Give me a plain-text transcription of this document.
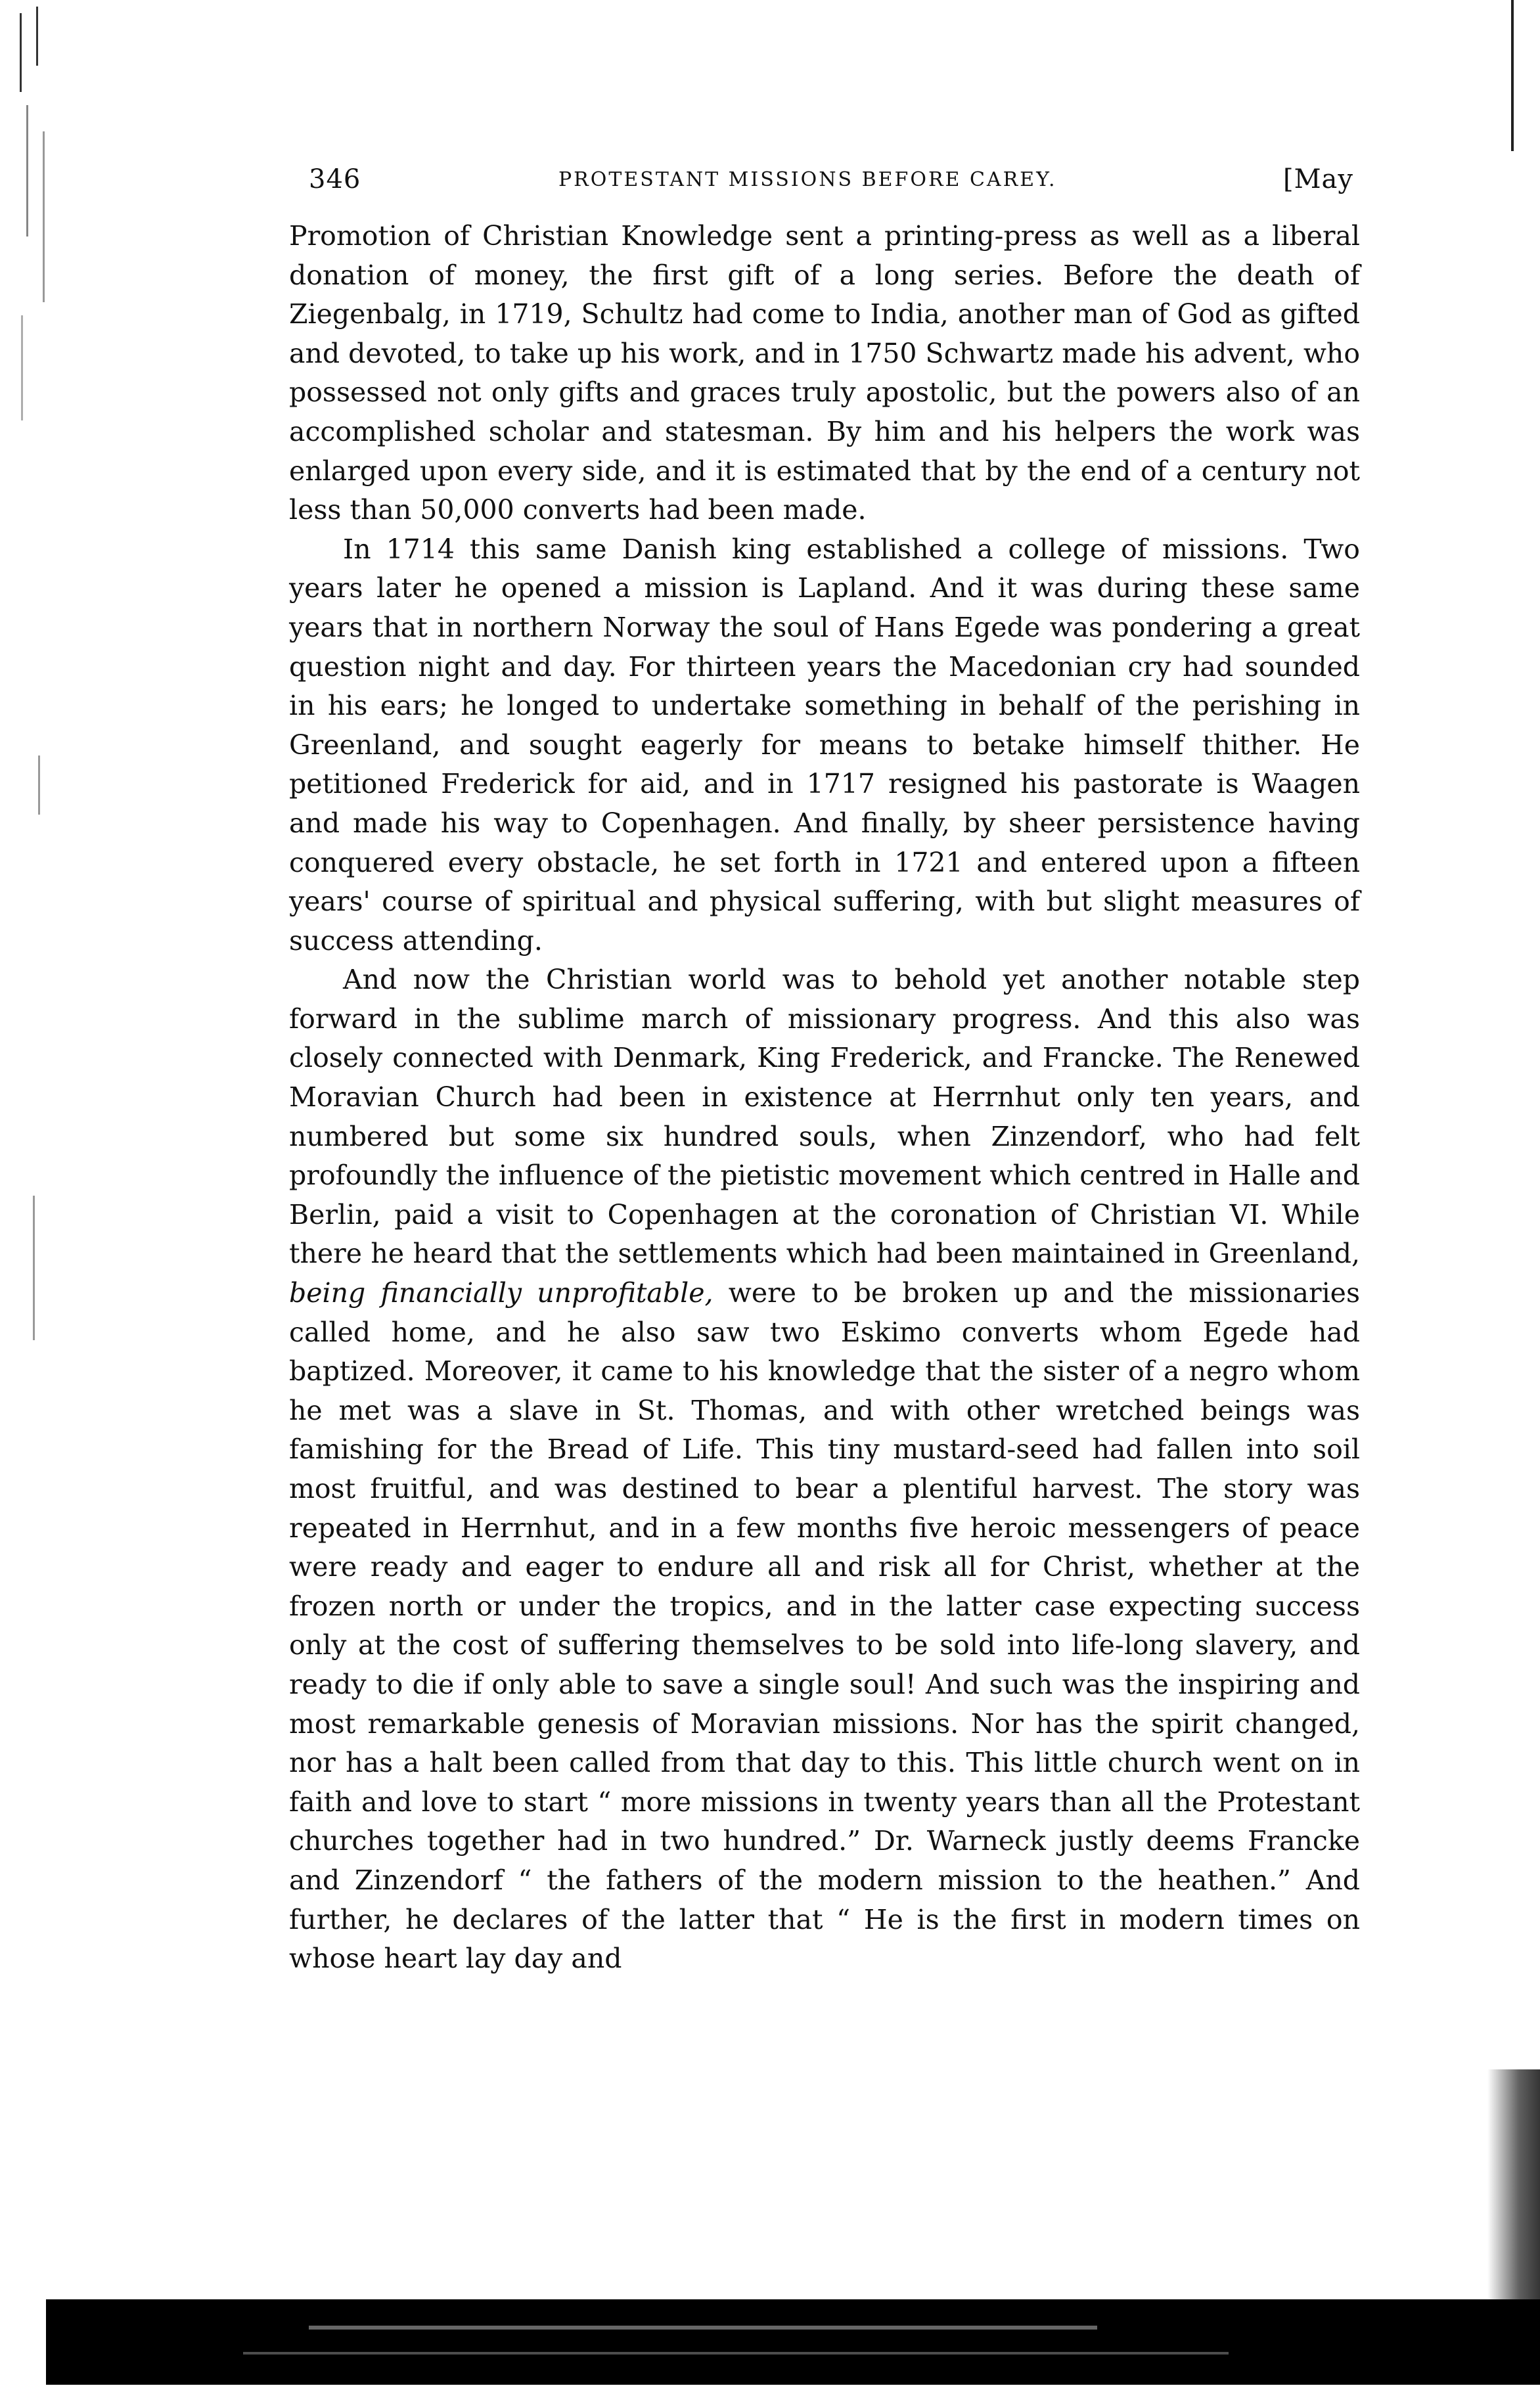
346	PROTESTANT MISSIONS BEFORE CAREY.	[May

Promotion of Christian Knowledge sent a printing-press as well as a liberal donation of money, the first gift of a long series. Before the death of Ziegenbalg, in 1719, Schultz had come to India, another man of God as gifted and devoted, to take up his work, and in 1750 Schwartz made his advent, who possessed not only gifts and graces truly apostolic, but the powers also of an accomplished scholar and statesman. By him and his helpers the work was enlarged upon every side, and it is estimated that by the end of a century not less than 50,000 converts had been made.

In 1714 this same Danish king established a college of missions. Two years later he opened a mission is Lapland. And it was during these same years that in northern Norway the soul of Hans Egede was pondering a great question night and day. For thirteen years the Macedonian cry had sounded in his ears; he longed to undertake something in behalf of the perishing in Greenland, and sought eagerly for means to betake himself thither. He petitioned Frederick for aid, and in 1717 resigned his pastorate is Waagen and made his way to Copenhagen. And finally, by sheer persistence having conquered every obstacle, he set forth in 1721 and entered upon a fifteen years' course of spiritual and physical suffering, with but slight measures of success attending.

And now the Christian world was to behold yet another notable step forward in the sublime march of missionary progress. And this also was closely connected with Denmark, King Frederick, and Francke. The Renewed Moravian Church had been in existence at Herrnhut only ten years, and numbered but some six hundred souls, when Zinzendorf, who had felt profoundly the influence of the pietistic movement which centred in Halle and Berlin, paid a visit to Copenhagen at the coronation of Christian VI. While there he heard that the settlements which had been maintained in Greenland, being financially unprofitable, were to be broken up and the missionaries called home, and he also saw two Eskimo converts whom Egede had baptized. Moreover, it came to his knowledge that the sister of a negro whom he met was a slave in St. Thomas, and with other wretched beings was famishing for the Bread of Life. This tiny mustard-seed had fallen into soil most fruitful, and was destined to bear a plentiful harvest. The story was repeated in Herrnhut, and in a few months five heroic messengers of peace were ready and eager to endure all and risk all for Christ, whether at the frozen north or under the tropics, and in the latter case expecting success only at the cost of suffering themselves to be sold into life-long slavery, and ready to die if only able to save a single soul! And such was the inspiring and most remarkable genesis of Moravian missions. Nor has the spirit changed, nor has a halt been called from that day to this. This little church went on in faith and love to start “ more missions in twenty years than all the Protestant churches together had in two hundred.” Dr. Warneck justly deems Francke and Zinzendorf “ the fathers of the modern mission to the heathen.” And further, he declares of the latter that “ He is the first in modern times on whose heart lay day and
